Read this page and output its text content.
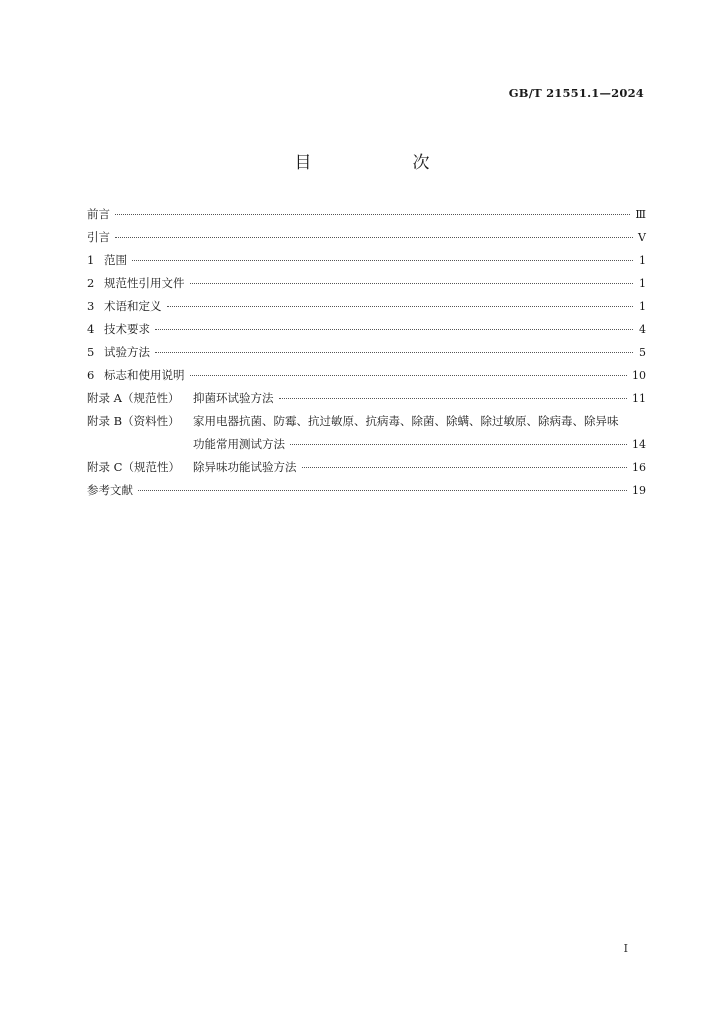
GB/T 21551.1—2024
目　次
前言	Ⅲ
引言	Ⅴ
1 范围	1
2 规范性引用文件	1
3 术语和定义	1
4 技术要求	4
5 试验方法	5
6 标志和使用说明	10
附录 A（规范性）	抑菌环试验方法	11
附录 B（资料性）	家用电器抗菌、防霉、抗过敏原、抗病毒、除菌、除螨、除过敏原、除病毒、除异味
功能常用测试方法	14
附录 C（规范性）	除异味功能试验方法	16
参考文献	19
I
